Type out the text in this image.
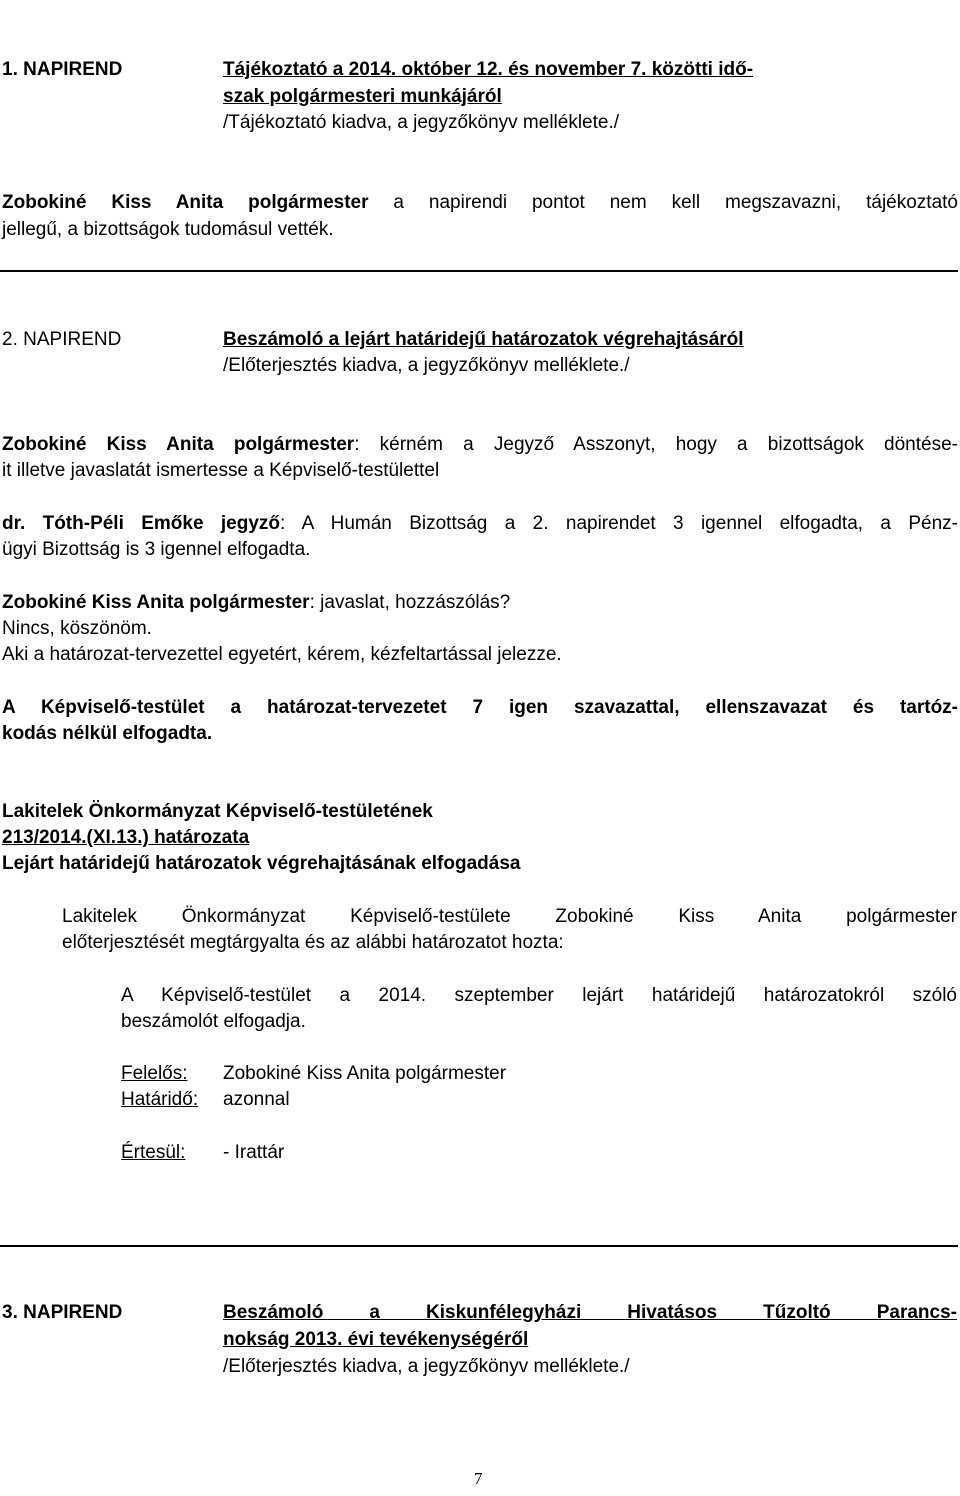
1. NAPIREND	Tájékoztató a 2014. október 12. és november 7. közötti idő-
szak polgármesteri munkájáról
/Tájékoztató kiadva, a jegyzőkönyv melléklete./
Zobokiné Kiss Anita polgármester a napirendi pontot nem kell megszavazni, tájékoztató
jellegű, a bizottságok tudomásul vették.
2. NAPIREND	Beszámoló a lejárt határidejű határozatok végrehajtásáról
/Előterjesztés kiadva, a jegyzőkönyv melléklete./
Zobokiné Kiss Anita polgármester: kérném a Jegyző Asszonyt, hogy a bizottságok döntése-
it illetve javaslatát ismertesse a Képviselő-testülettel
dr. Tóth-Péli Emőke jegyző: A Humán Bizottság a 2. napirendet 3 igennel elfogadta, a Pénz-
ügyi Bizottság is 3 igennel elfogadta.
Zobokiné Kiss Anita polgármester: javaslat, hozzászólás?
Nincs, köszönöm.
Aki a határozat-tervezettel egyetért, kérem, kézfeltartással jelezze.
A Képviselő-testület a határozat-tervezetet 7 igen szavazattal, ellenszavazat és tartóz-
kodás nélkül elfogadta.
Lakitelek Önkormányzat Képviselő-testületének
213/2014.(XI.13.) határozata
Lejárt határidejű határozatok végrehajtásának elfogadása
Lakitelek Önkormányzat Képviselő-testülete Zobokiné Kiss Anita polgármester
előterjesztését megtárgyalta és az alábbi határozatot hozta:
A Képviselő-testület a 2014. szeptember lejárt határidejű határozatokról szóló
beszámolót elfogadja.
Felelős: Zobokiné Kiss Anita polgármester
Határidő: azonnal
Értesül: - Irattár
3. NAPIREND	Beszámoló a Kiskunfélegyházi Hivatásos Tűzoltó Parancs-
nokság 2013. évi tevékenységéről
/Előterjesztés kiadva, a jegyzőkönyv melléklete./
7
